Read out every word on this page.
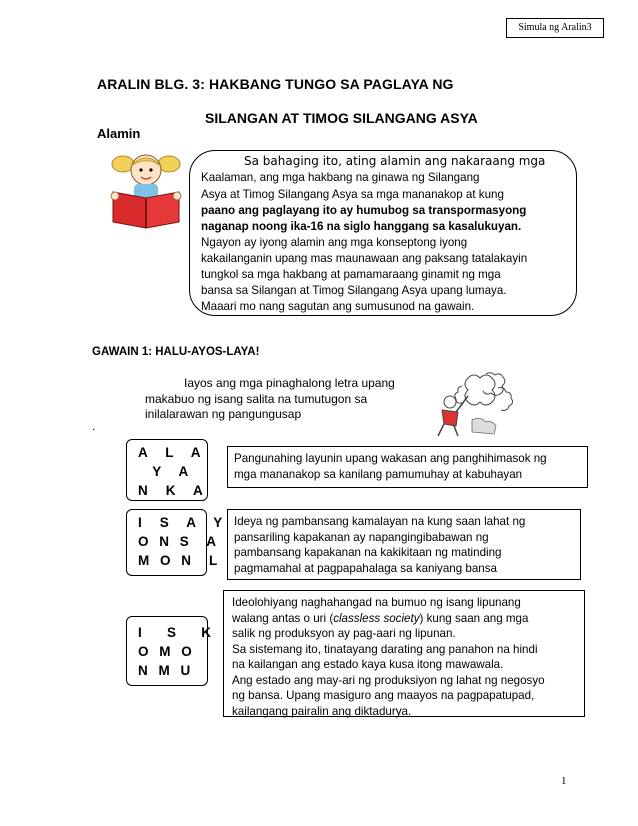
Simula ng Aralin3
ARALIN BLG. 3: HAKBANG TUNGO SA PAGLAYA NG
SILANGAN AT TIMOG SILANGANG ASYA
Alamin
Sa bahaging ito, ating alamin ang nakaraang mga
Kaalaman, ang mga hakbang na ginawa ng Silangang
Asya at Timog Silangang Asya sa mga mananakop at kung
paano ang paglayang ito ay humubog sa transpormasyong
naganap noong ika-16 na siglo hanggang sa kasalukuyan.
Ngayon ay iyong alamin ang mga konseptong iyong
kakailanganin upang mas maunawaan ang paksang tatalakayin
tungkol sa mga hakbang at pamamaraang ginamit ng mga
bansa sa Silangan at Timog Silangang Asya upang lumaya.
Maaari mo nang sagutan ang sumusunod na gawain.
GAWAIN 1: HALU-AYOS-LAYA!
Iayos ang mga pinaghalong letra upang
makabuo ng isang salita na tumutugon sa
inilalarawan ng pangungusap
.
A  L  A
Y  A
N  K  A
Pangunahing layunin upang wakasan ang panghihimasok ng
mga mananakop sa kanilang pamumuhay at kabuhayan
I  S  A  Y
O N S  A
M O N  L
Ideya ng pambansang kamalayan na kung saan lahat ng
pansariling kapakanan ay napangingibabawan ng
pambansang kapakanan na kakikitaan ng matinding
pagmamahal at pagpapahalaga sa kaniyang bansa
I   S   K
O M O
N M U
Ideolohiyang naghahangad na bumuo ng isang lipunang
walang antas o uri (classless society) kung saan ang mga
salik ng produksyon ay pag-aari ng lipunan.
Sa sistemang ito, tinatayang darating ang panahon na hindi
na kailangan ang estado kaya kusa itong mawawala.
Ang estado ang may-ari ng produksiyon ng lahat ng negosyo
ng bansa. Upang masiguro ang maayos na pagpapatupad,
kailangang pairalin ang diktadurya.
1
